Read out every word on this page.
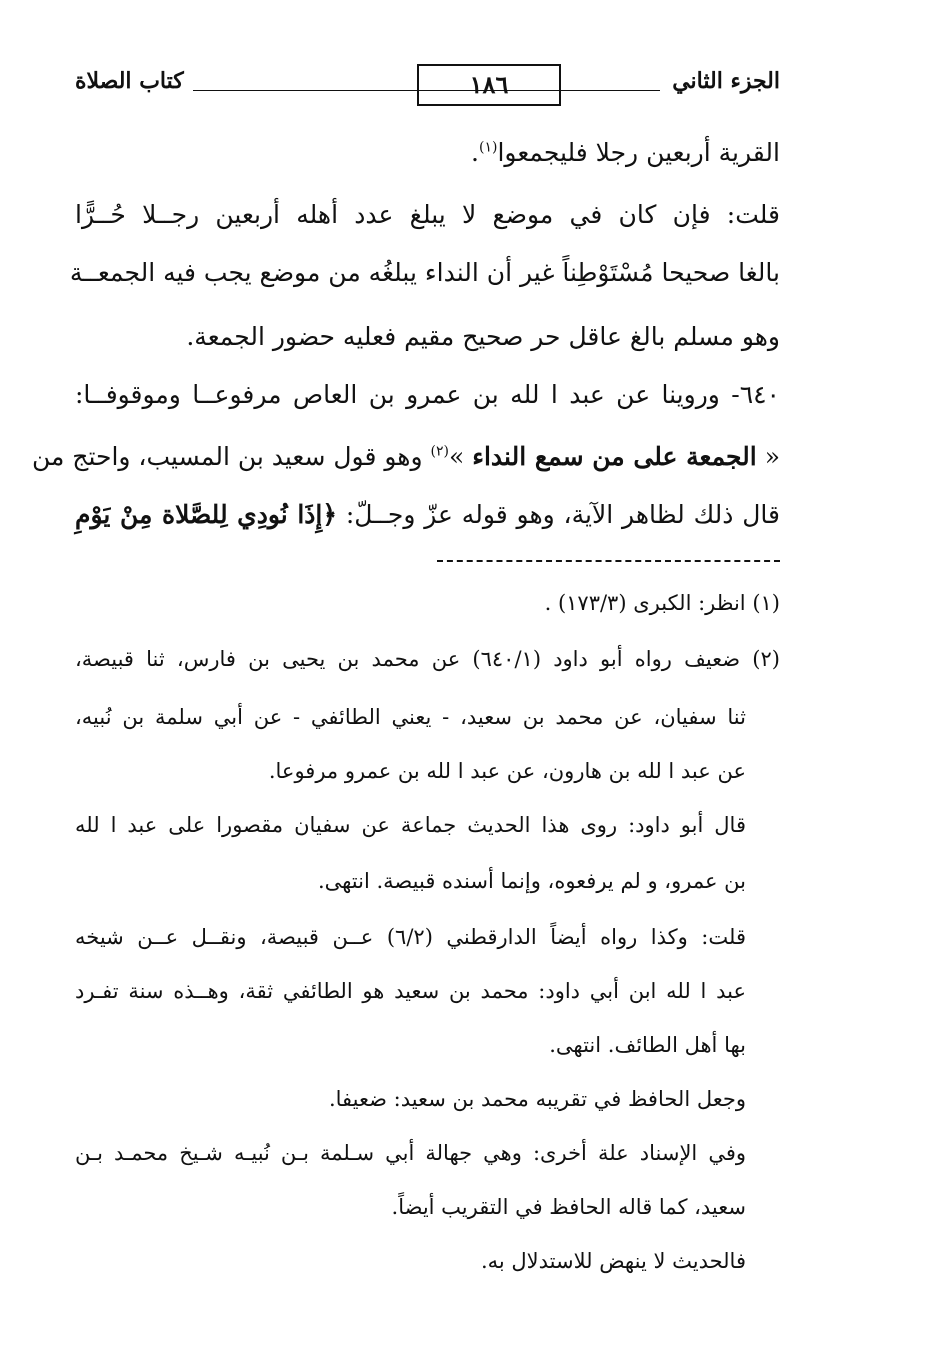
الجزء الثاني
١٨٦
كتاب الصلاة
القرية أربعين رجلا فليجمعوا$^{(١)}$.
قلت: فإن كان في موضع لا يبلغ عدد أهله أربعين رجــلا حُــرًّا
بالغا صحيحا مُسْتَوْطِناً غير أن النداء يبلغُه من موضع يجب فيه الجمعــة
وهو مسلم بالغ عاقل حر صحيح مقيم فعليه حضور الجمعة.
٦٤٠- وروينا عن عبد ا لله بن عمرو بن العاص مرفوعــا وموقوفــا:
« الجمعة على من سمع النداء »$^{(٢)}$ وهو قول سعيد بن المسيب، واحتج من
قال ذلك لظاهر الآية، وهو قوله عزّ وجــلّ: ﴿إِذَا نُودِي لِلصَّلاة مِنْ يَوْمِ
(١) انظر: الكبرى (١٧٣/٣) .
(٢) ضعيف رواه أبو داود (٦٤٠/١) عن محمد بن يحيى بن فارس، ثنا قبيصة،
ثنا سفيان، عن محمد بن سعيد، - يعني الطائفي - عن أبي سلمة بن نُبيه،
عن عبد ا لله بن هارون، عن عبد ا لله بن عمرو مرفوعا.
قال أبو داود: روى هذا الحديث جماعة عن سفيان مقصورا على عبد ا لله
بن عمرو، و لم يرفعوه، وإنما أسنده قبيصة. انتهى.
قلت: وكذا رواه أيضاً الدارقطني (٦/٢) عــن قبيصة، ونقــل عــن شيخه
عبد ا لله ابن أبي داود: محمد بن سعيد هو الطائفي ثقة، وهــذه سنة تفـرد
بها أهل الطائف. انتهى.
وجعل الحافظ في تقريبه محمد بن سعيد: ضعيفا.
وفي الإسناد علة أخرى: وهي جهالة أبي سـلمة بـن نُبيـه شـيخ محمـد بـن
سعيد، كما قاله الحافظ في التقريب أيضاً.
فالحديث لا ينهض للاستدلال به.
